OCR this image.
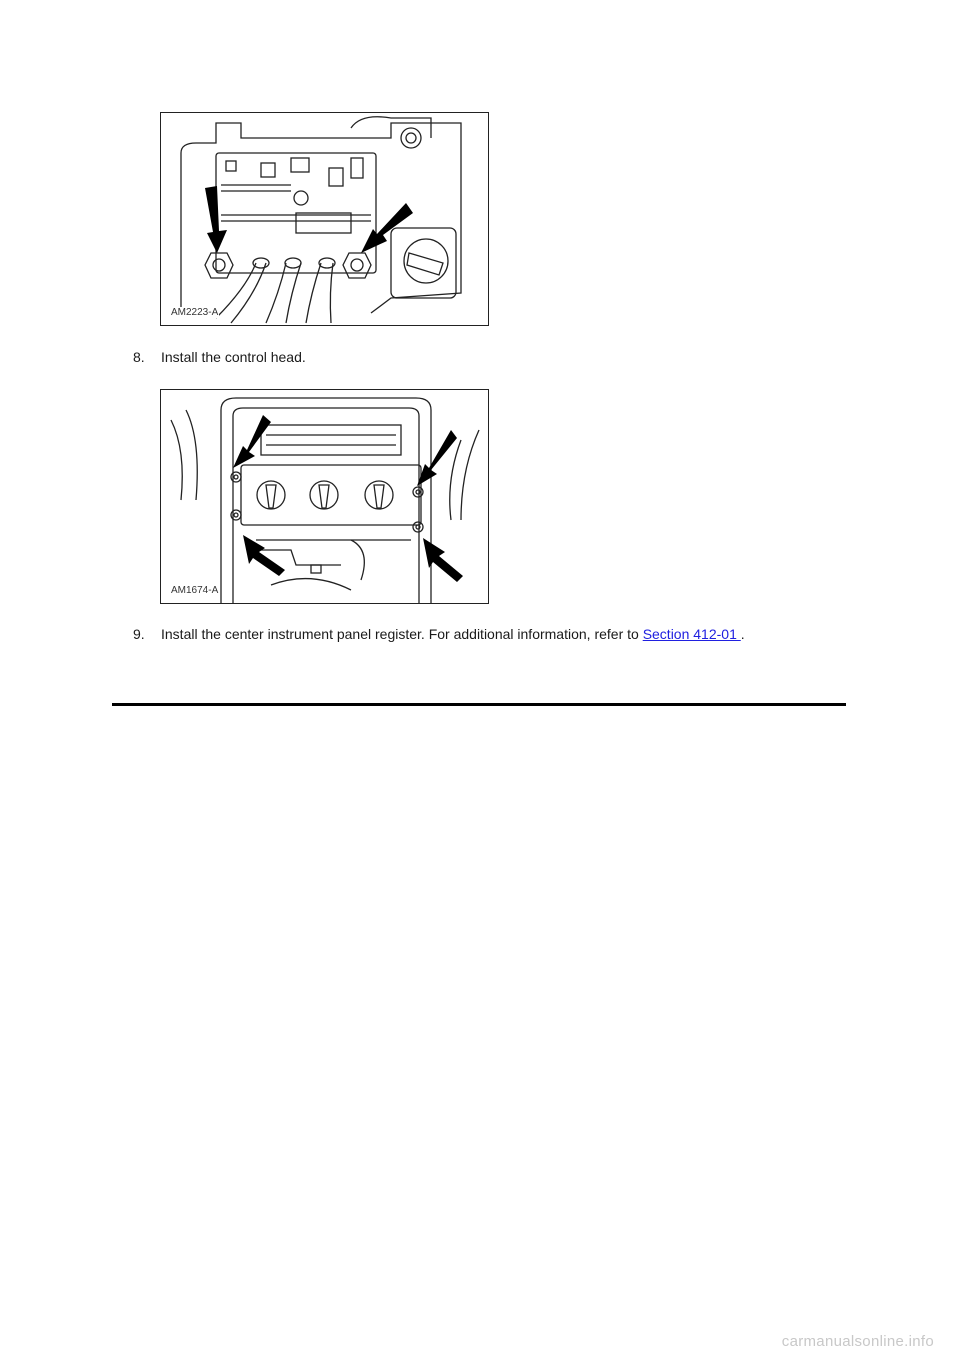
AM2223-A
8. Install the control head.
AM1674-A
9. Install the center instrument panel register. For additional information, refer to Section 412-01 .
carmanualsonline.info
